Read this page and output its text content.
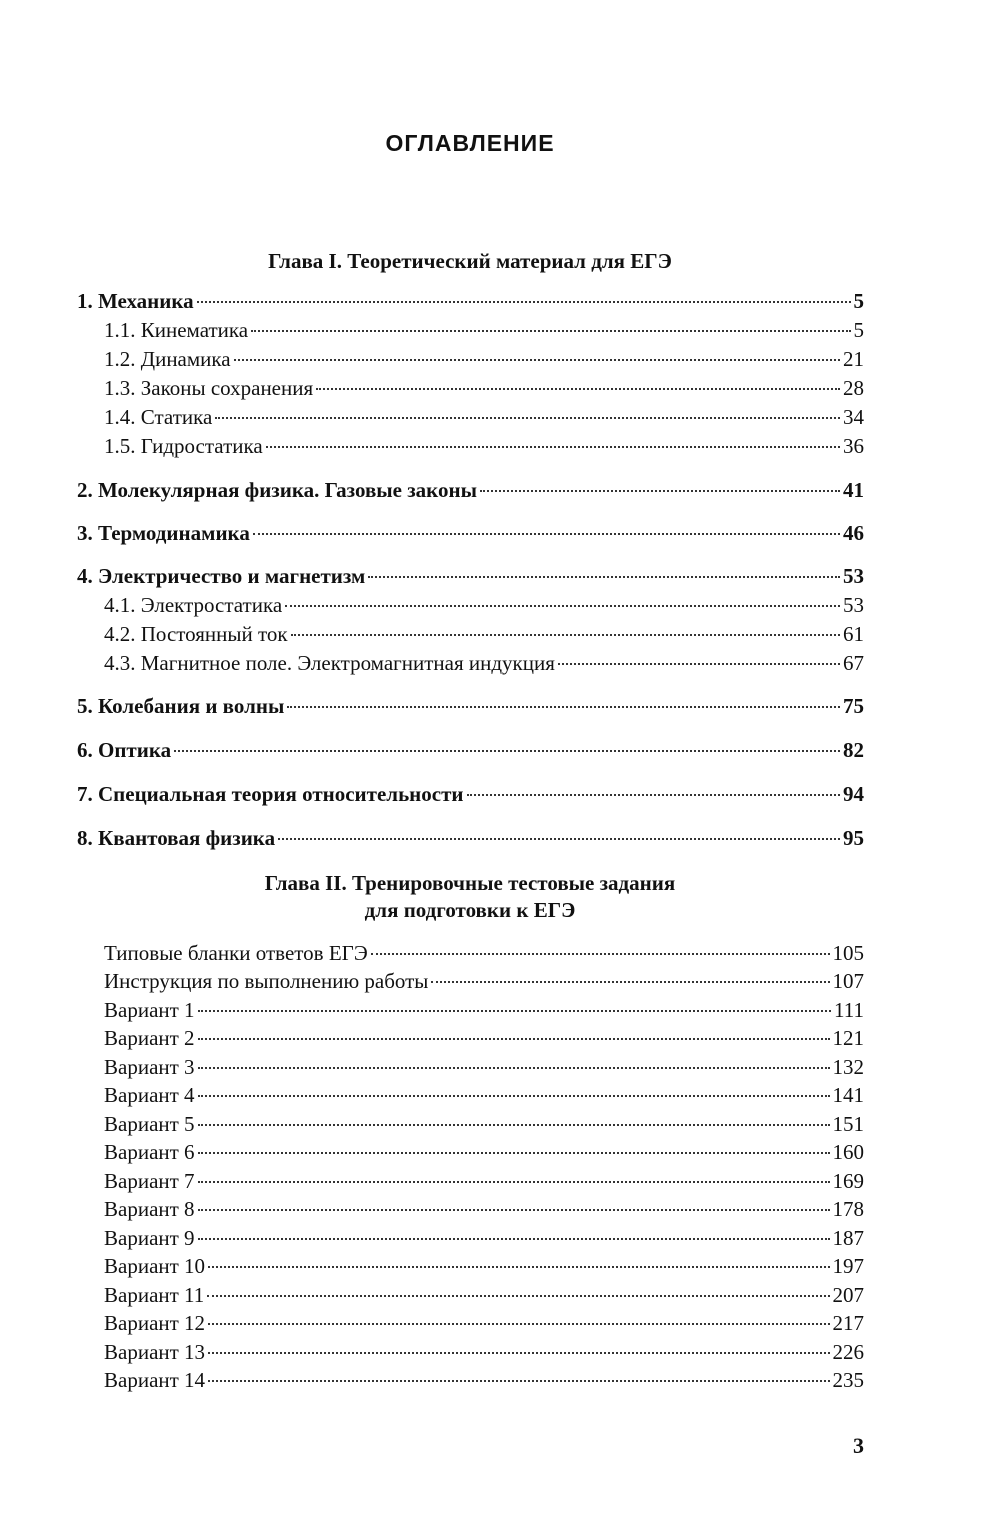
ОГЛАВЛЕНИЕ
Глава I. Теоретический материал для ЕГЭ
1. Механика	5
1.1. Кинематика	5
1.2. Динамика	21
1.3. Законы сохранения	28
1.4. Статика	34
1.5. Гидростатика	36
2. Молекулярная физика. Газовые законы	41
3. Термодинамика	46
4. Электричество и магнетизм	53
4.1. Электростатика	53
4.2. Постоянный ток	61
4.3. Магнитное поле. Электромагнитная индукция	67
5. Колебания и волны	75
6. Оптика	82
7. Специальная теория относительности	94
8. Квантовая физика	95
Глава II. Тренировочные тестовые задания
для подготовки к ЕГЭ
Типовые бланки ответов ЕГЭ	105
Инструкция по выполнению работы	107
Вариант 1	111
Вариант 2	121
Вариант 3	132
Вариант 4	141
Вариант 5	151
Вариант 6	160
Вариант 7	169
Вариант 8	178
Вариант 9	187
Вариант 10	197
Вариант 11	207
Вариант 12	217
Вариант 13	226
Вариант 14	235
3
